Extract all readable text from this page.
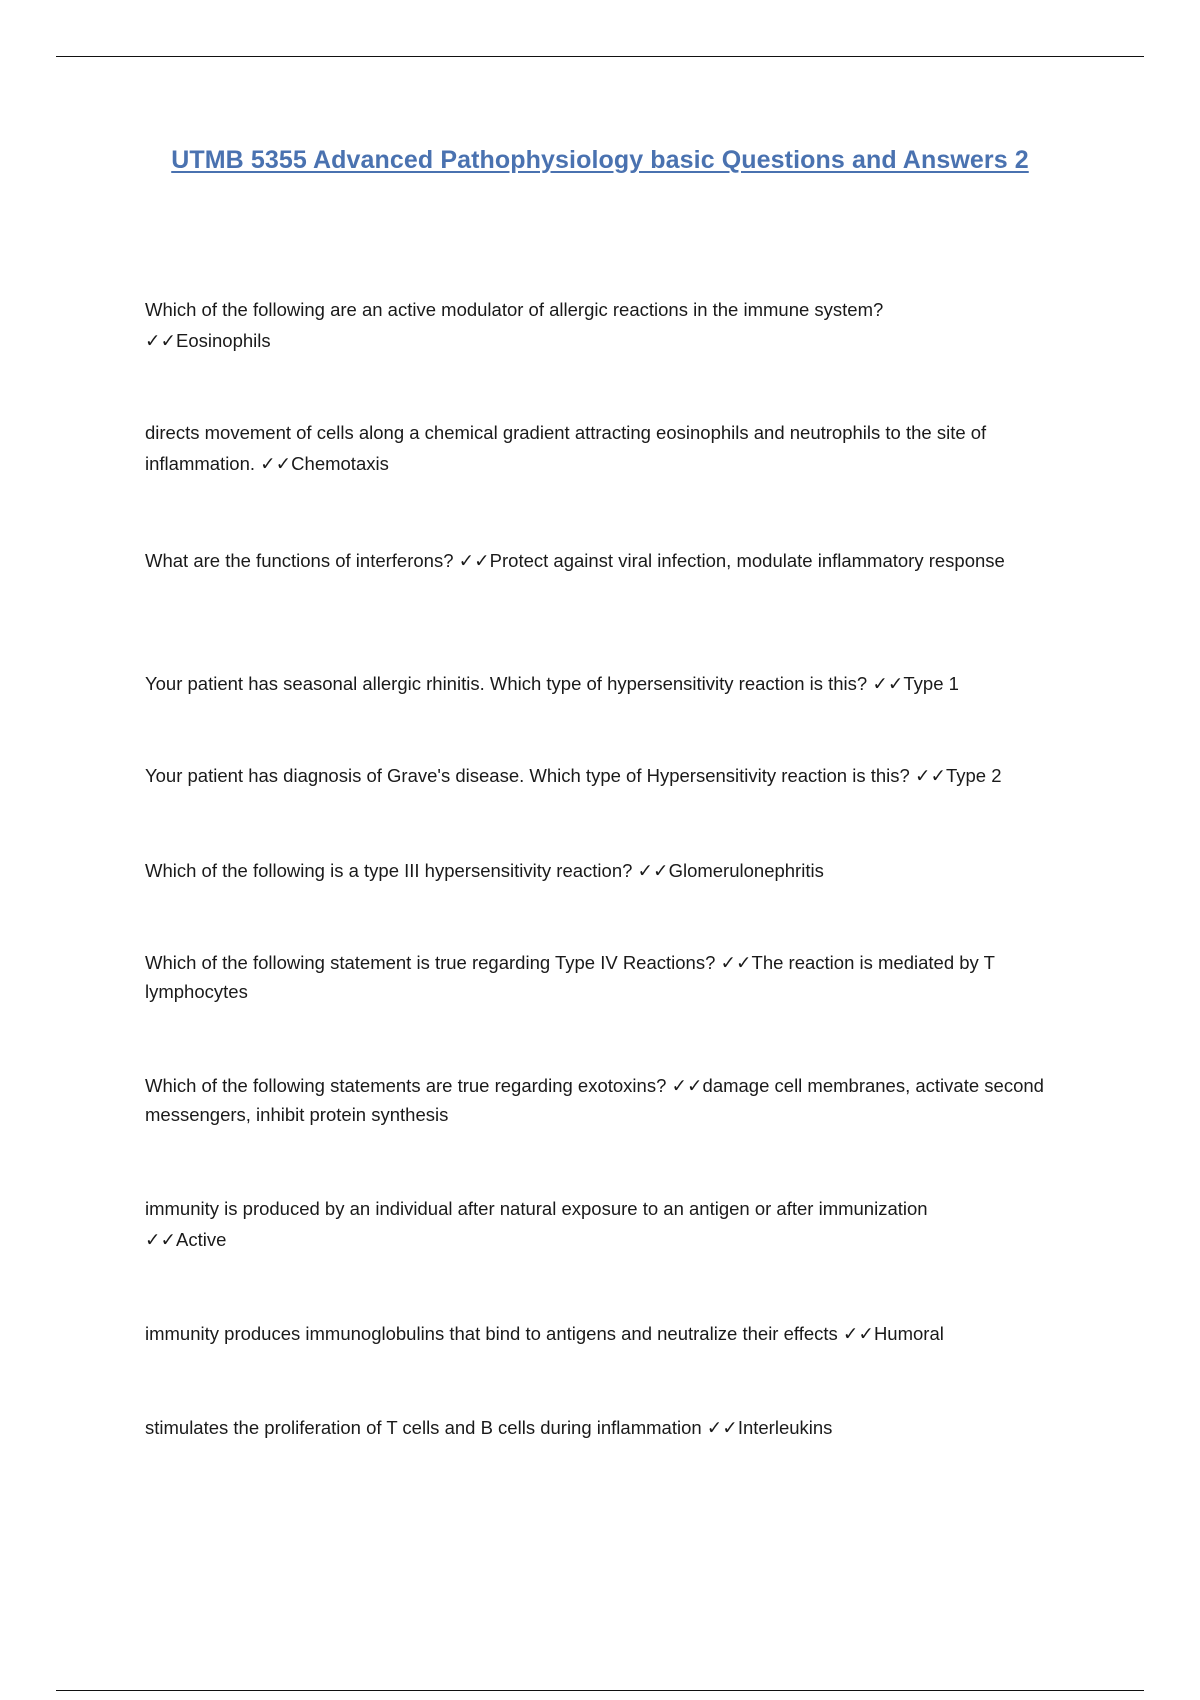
UTMB 5355 Advanced Pathophysiology basic Questions and Answers 2

Which of the following are an active modulator of allergic reactions in the immune system?
✓✓Eosinophils

directs movement of cells along a chemical gradient attracting eosinophils and neutrophils to the site of inflammation. ✓✓Chemotaxis

What are the functions of interferons? ✓✓Protect against viral infection, modulate inflammatory response

Your patient has seasonal allergic rhinitis. Which type of hypersensitivity reaction is this? ✓✓Type 1

Your patient has diagnosis of Grave's disease. Which type of Hypersensitivity reaction is this? ✓✓Type 2

Which of the following is a type III hypersensitivity reaction? ✓✓Glomerulonephritis

Which of the following statement is true regarding Type IV Reactions? ✓✓The reaction is mediated by T lymphocytes

Which of the following statements are true regarding exotoxins? ✓✓damage cell membranes, activate second messengers, inhibit protein synthesis

immunity is produced by an individual after natural exposure to an antigen or after immunization
✓✓Active

immunity produces immunoglobulins that bind to antigens and neutralize their effects ✓✓Humoral

stimulates the proliferation of T cells and B cells during inflammation ✓✓Interleukins
